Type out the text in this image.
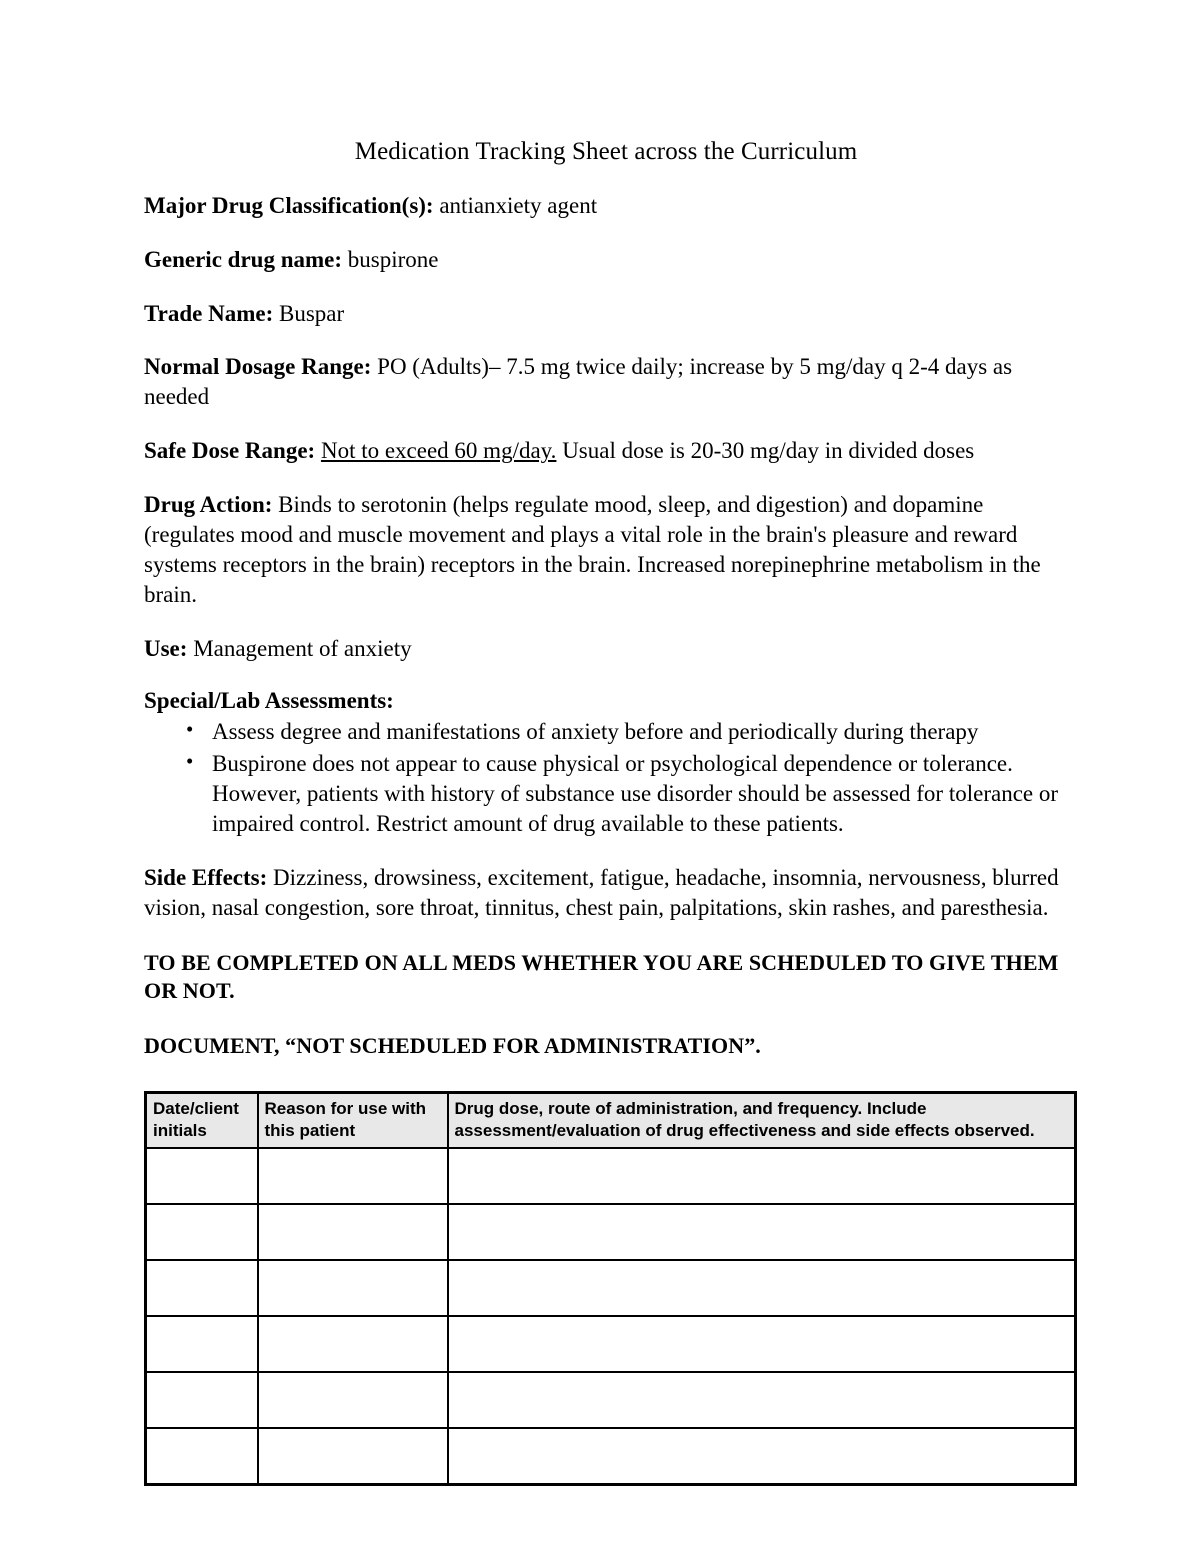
Medication Tracking Sheet across the Curriculum

Major Drug Classification(s): antianxiety agent

Generic drug name: buspirone

Trade Name: Buspar

Normal Dosage Range: PO (Adults)– 7.5 mg twice daily; increase by 5 mg/day q 2-4 days as needed

Safe Dose Range: Not to exceed 60 mg/day. Usual dose is 20-30 mg/day in divided doses

Drug Action: Binds to serotonin (helps regulate mood, sleep, and digestion) and dopamine (regulates mood and muscle movement and plays a vital role in the brain's pleasure and reward systems receptors in the brain) receptors in the brain. Increased norepinephrine metabolism in the brain.

Use: Management of anxiety

Special/Lab Assessments:

• Assess degree and manifestations of anxiety before and periodically during therapy
• Buspirone does not appear to cause physical or psychological dependence or tolerance. However, patients with history of substance use disorder should be assessed for tolerance or impaired control. Restrict amount of drug available to these patients.

Side Effects: Dizziness, drowsiness, excitement, fatigue, headache, insomnia, nervousness, blurred vision, nasal congestion, sore throat, tinnitus, chest pain, palpitations, skin rashes, and paresthesia.

TO BE COMPLETED ON ALL MEDS WHETHER YOU ARE SCHEDULED TO GIVE THEM OR NOT.

DOCUMENT, “NOT SCHEDULED FOR ADMINISTRATION”.

Date/client initials	Reason for use with this patient	Drug dose, route of administration, and frequency. Include assessment/evaluation of drug effectiveness and side effects observed.
